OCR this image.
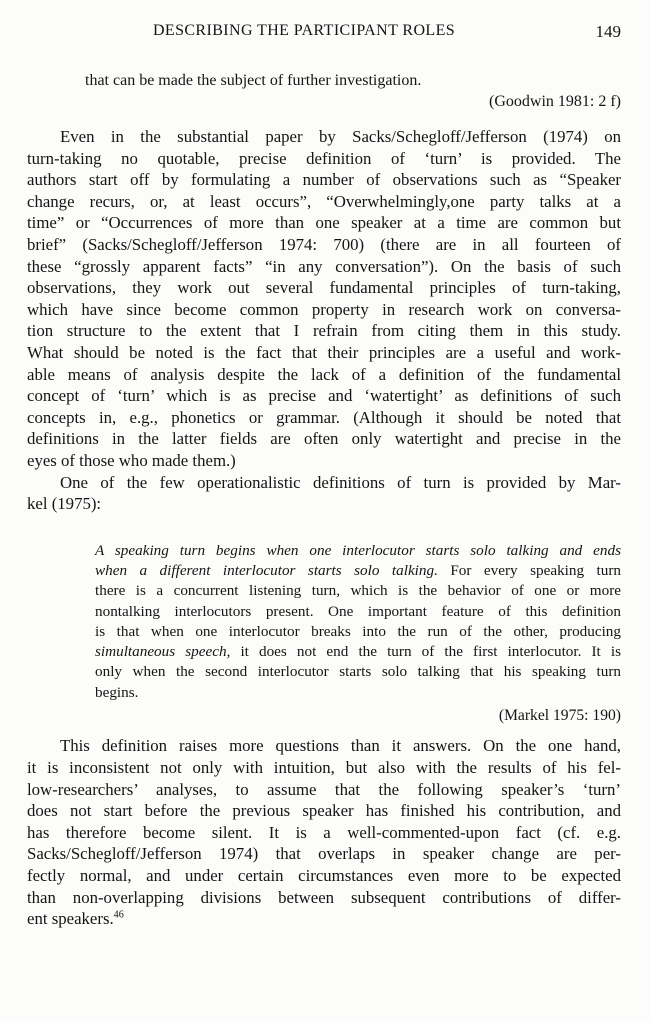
DESCRIBING THE PARTICIPANT ROLES	149
that can be made the subject of further investigation.
(Goodwin 1981: 2 f)
Even in the substantial paper by Sacks/Schegloff/Jefferson (1974) on
turn-taking no quotable, precise definition of ‘turn’ is provided. The
authors start off by formulating a number of observations such as “Speaker
change recurs, or, at least occurs”, “Overwhelmingly,one party talks at a
time” or “Occurrences of more than one speaker at a time are common but
brief” (Sacks/Schegloff/Jefferson 1974: 700) (there are in all fourteen of
these “grossly apparent facts” “in any conversation”). On the basis of such
observations, they work out several fundamental principles of turn-taking,
which have since become common property in research work on conversa-
tion structure to the extent that I refrain from citing them in this study.
What should be noted is the fact that their principles are a useful and work-
able means of analysis despite the lack of a definition of the fundamental
concept of ‘turn’ which is as precise and ‘watertight’ as definitions of such
concepts in, e.g., phonetics or grammar. (Although it should be noted that
definitions in the latter fields are often only watertight and precise in the
eyes of those who made them.)
One of the few operationalistic definitions of turn is provided by Mar-
kel (1975):
A speaking turn begins when one interlocutor starts solo talking and ends
when a different interlocutor starts solo talking. For every speaking turn
there is a concurrent listening turn, which is the behavior of one or more
nontalking interlocutors present. One important feature of this definition
is that when one interlocutor breaks into the run of the other, producing
simultaneous speech, it does not end the turn of the first interlocutor. It is
only when the second interlocutor starts solo talking that his speaking turn
begins.
(Markel 1975: 190)
This definition raises more questions than it answers. On the one hand,
it is inconsistent not only with intuition, but also with the results of his fel-
low-researchers’ analyses, to assume that the following speaker’s ‘turn’
does not start before the previous speaker has finished his contribution, and
has therefore become silent. It is a well-commented-upon fact (cf. e.g.
Sacks/Schegloff/Jefferson 1974) that overlaps in speaker change are per-
fectly normal, and under certain circumstances even more to be expected
than non-overlapping divisions between subsequent contributions of differ-
ent speakers.$^{46}$
